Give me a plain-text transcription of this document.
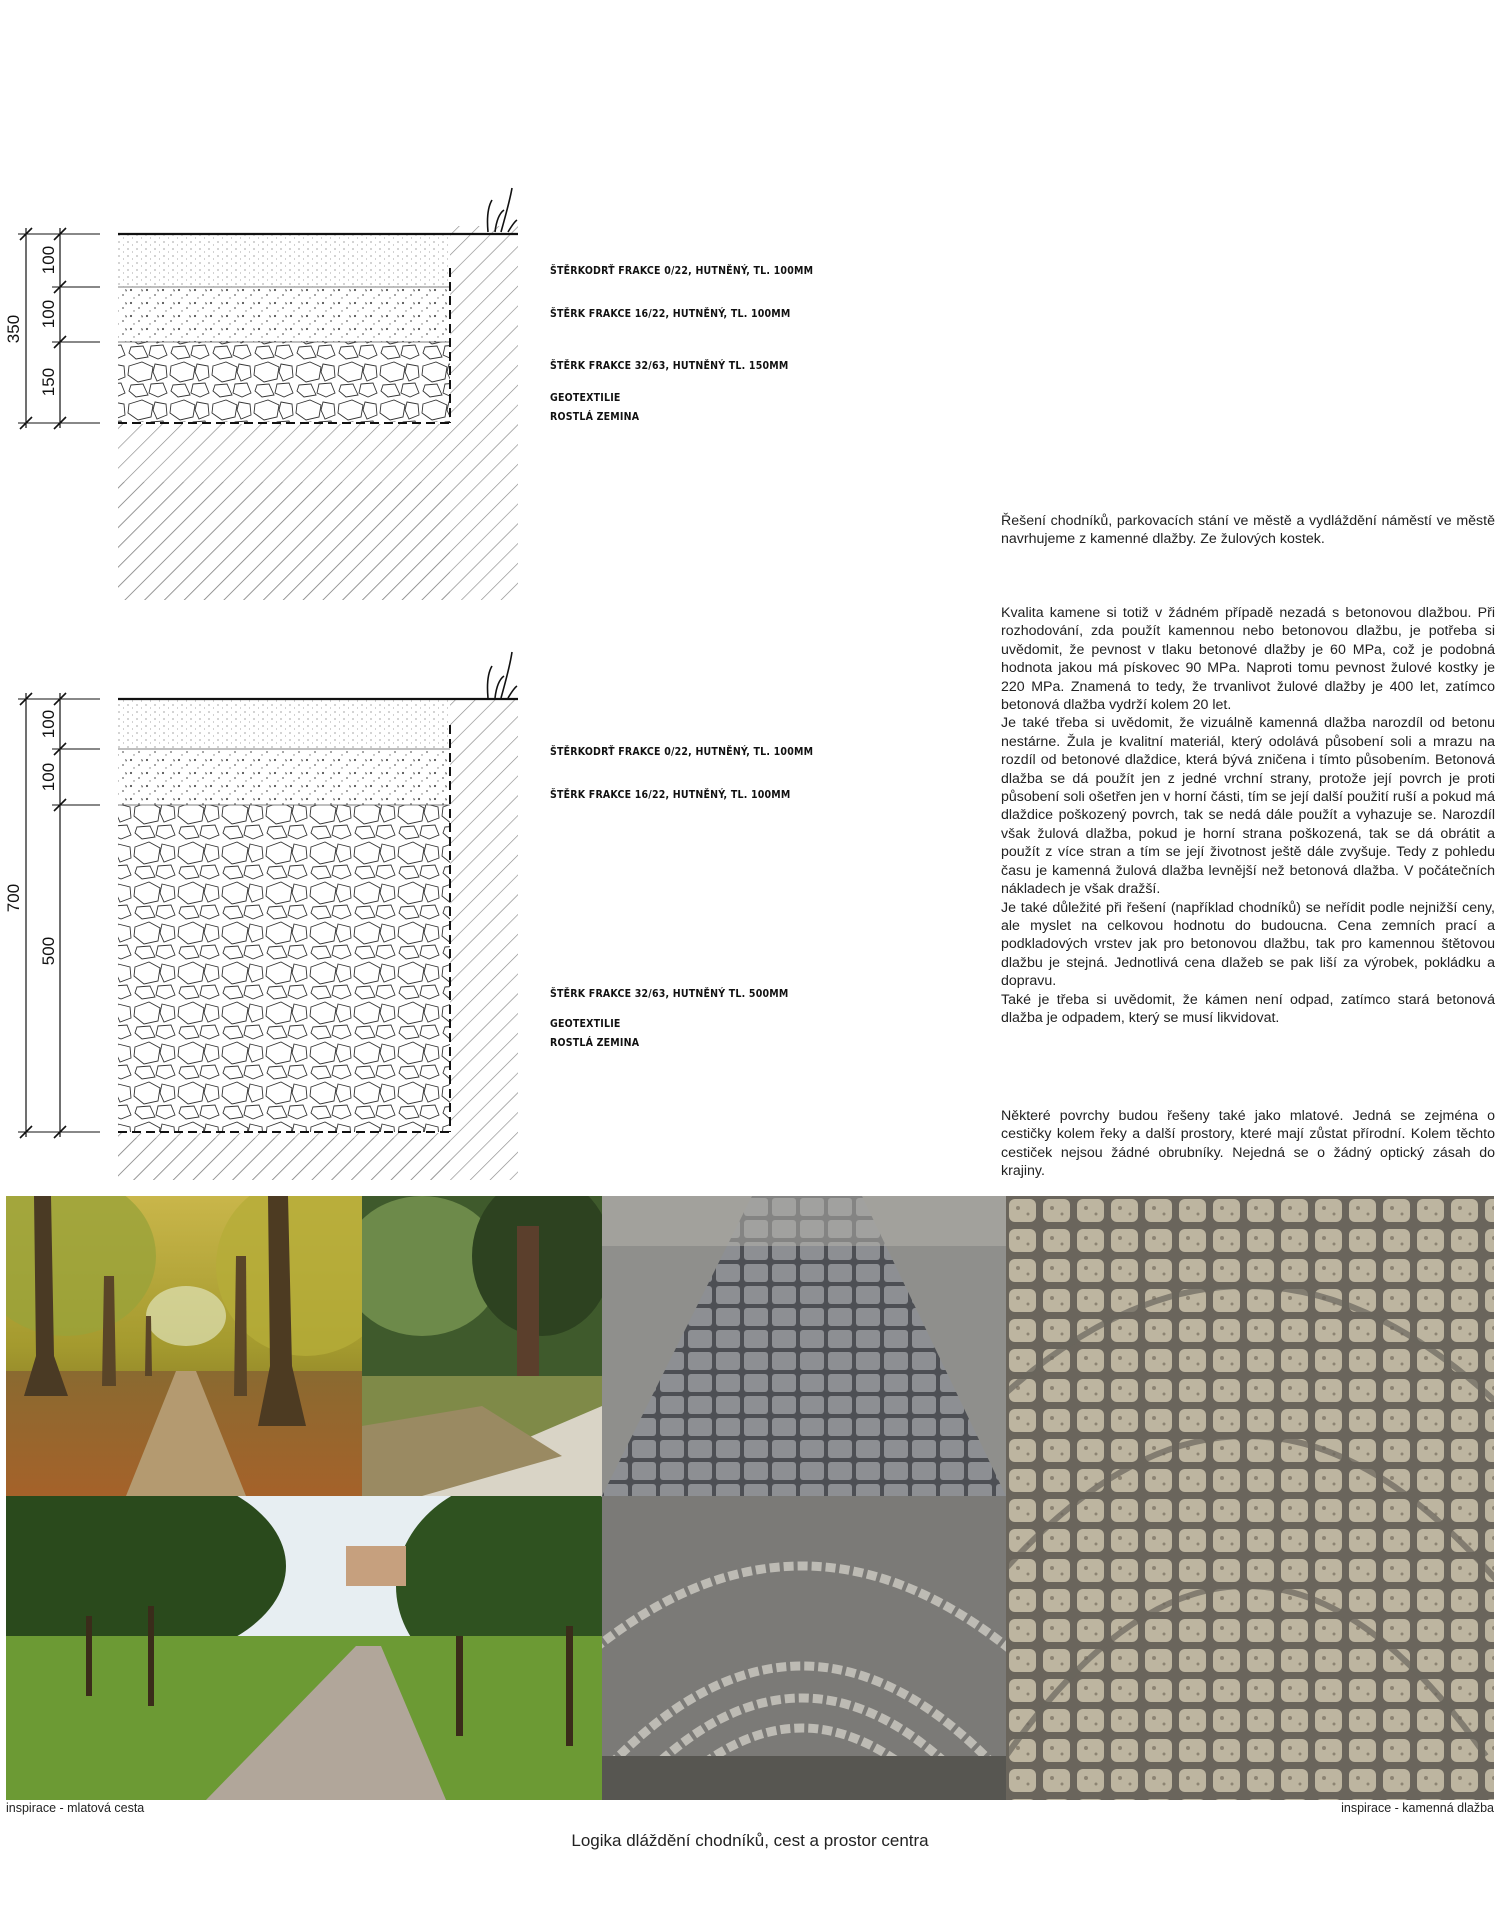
350
100
100
150
ŠTĚRKODRŤ FRAKCE 0/22, HUTNĚNÝ, TL. 100MM
ŠTĚRK FRAKCE 16/22, HUTNĚNÝ, TL. 100MM
ŠTĚRK FRAKCE 32/63, HUTNĚNÝ TL. 150MM
GEOTEXTILIE
ROSTLÁ ZEMINA
700
100
100
500
ŠTĚRKODRŤ FRAKCE 0/22, HUTNĚNÝ, TL. 100MM
ŠTĚRK FRAKCE 16/22, HUTNĚNÝ, TL. 100MM
ŠTĚRK FRAKCE 32/63, HUTNĚNÝ TL. 500MM
GEOTEXTILIE
ROSTLÁ ZEMINA

Řešení chodníků, parkovacích stání ve městě a vydláždění náměstí ve městě navrhujeme z kamenné dlažby. Ze žulových kostek.

Kvalita kamene si totiž v žádném případě nezadá s betonovou dlažbou. Při rozhodování, zda použít kamennou nebo betonovou dlažbu, je potřeba si uvědomit, že pevnost v tlaku betonové dlažby je 60 MPa, což je podobná hodnota jakou má pískovec 90 MPa. Naproti tomu pevnost žulové kostky je 220 MPa. Znamená to tedy, že trvanlivot žulové dlažby je 400 let, zatímco betonová dlažba vydrží kolem 20 let.

Je také třeba si uvědomit, že vizuálně kamenná dlažba narozdíl od betonu nestárne. Žula je kvalitní materiál, který odolává působení soli a mrazu na rozdíl od betonové dlaždice, která bývá zničena i tímto působením. Betonová dlažba se dá použít jen z jedné vrchní strany, protože její povrch je proti působení soli ošetřen jen v horní části, tím se její další použití ruší a pokud má dlaždice poškozený povrch, tak se nedá dále použít a vyhazuje se. Narozdíl však žulová dlažba, pokud je horní strana poškozená, tak se dá obrátit a použít z více stran a tím se její životnost ještě dále zvyšuje. Tedy z pohledu času je kamenná žulová dlažba levnější než betonová dlažba. V počátečních nákladech je však dražší.

Je také důležité při řešení (například chodníků) se neřídit podle nejnižší ceny, ale myslet na celkovou hodnotu do budoucna. Cena zemních prací a podkladových vrstev jak pro betonovou dlažbu, tak pro kamennou štětovou dlažbu je stejná. Jednotlivá cena dlažeb se pak liší za výrobek, pokládku a dopravu.

Také je třeba si uvědomit, že kámen není odpad, zatímco stará betonová dlažba je odpadem, který se musí likvidovat.

Některé povrchy budou řešeny také jako mlatové. Jedná se zejména o cestičky kolem řeky a další prostory, které mají zůstat přírodní. Kolem těchto cestiček nejsou žádné obrubníky. Nejedná se o žádný optický zásah do krajiny.

inspirace - mlatová cesta	inspirace - kamenná dlažba
Logika dláždění chodníků, cest a prostor centra
